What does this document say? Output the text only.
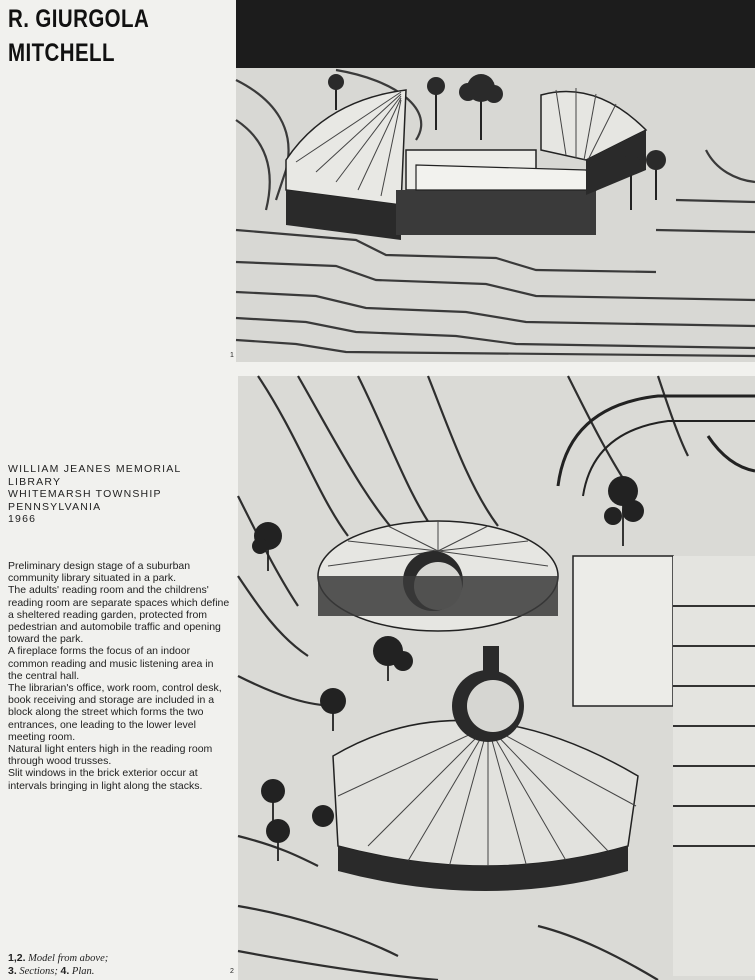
R. GIURGOLA
MITCHELL
WILLIAM JEANES MEMORIAL
LIBRARY
WHITEMARSH TOWNSHIP
PENNSYLVANIA
1966

Preliminary design stage of a suburban community library situated in a park.

The adults' reading room and the childrens' reading room are separate spaces which define a sheltered reading garden, protected from pedestrian and automobile traffic and opening toward the park.

A fireplace forms the focus of an indoor common reading and music listening area in the central hall.

The librarian's office, work room, control desk, book receiving and storage are included in a block along the street which forms the two entrances, one leading to the lower level meeting room.

Natural light enters high in the reading room through wood trusses.

Slit windows in the brick exterior occur at intervals bringing in light along the stacks.

1,2. Model from above;
3. Sections; 4. Plan.
1
2
